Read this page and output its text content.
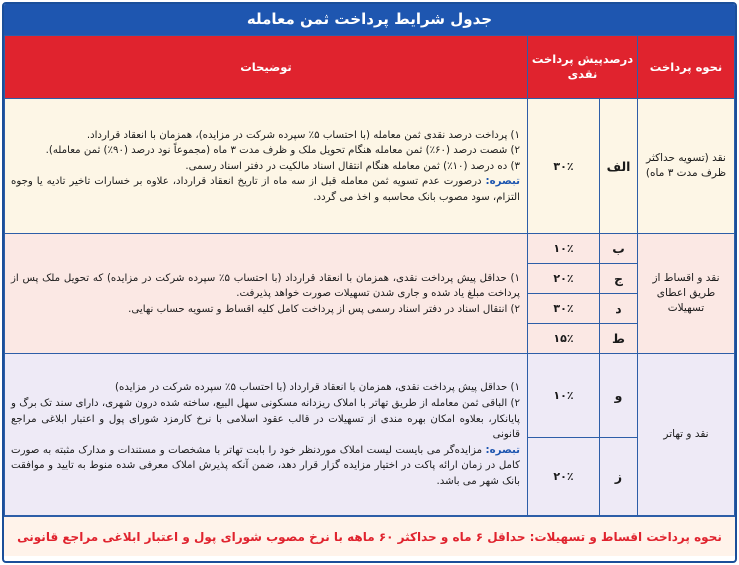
جدول شرایط پرداخت ثمن معامله
نحوه پرداخت	درصدپیش پرداخت نقدی		توضیحات
نقد (تسویه حداکثر ظرف مدت ۳ ماه)	الف	۳۰٪	۱) پرداخت درصد نقدی ثمن معامله (با احتساب ۵٪ سپرده شرکت در مزایده)، همزمان با انعقاد قرارداد.
۲) شصت درصد (۶۰٪) ثمن معامله هنگام تحویل ملک و ظرف مدت ۳ ماه (مجموعاً نود درصد (۹۰٪) ثمن معامله).
۳) ده درصد (۱۰٪) ثمن معامله هنگام انتقال اسناد مالکیت در دفتر اسناد رسمی.
تبصره: درصورت عدم تسویه ثمن معامله قبل از سه ماه از تاریخ انعقاد قرارداد، علاوه بر خسارات تاخیر تادیه یا وجوه التزام، سود مصوب بانک محاسبه و اخذ می گردد.

نقد و اقساط از طریق اعطای تسهیلات	ب	۱۰٪	۱) حداقل پیش پرداخت نقدی، همزمان با انعقاد قرارداد (با احتساب ۵٪ سپرده شرکت در مزایده) که تحویل ملک پس از پرداخت مبلغ یاد شده و جاری شدن تسهیلات صورت خواهد پذیرفت.
۲) انتقال اسناد در دفتر اسناد رسمی پس از پرداخت کامل کلیه اقساط و تسویه حساب نهایی.

	ج	۲۰٪	
	د	۳۰٪	
	ط	۱۵٪	
نقد و تهاتر	و	۱۰٪	۱) حداقل پیش پرداخت نقدی، همزمان با انعقاد قرارداد (با احتساب ۵٪ سپرده شرکت در مزایده)
۲) الباقی ثمن معامله از طریق تهاتر با املاک ریزدانه مسکونی سهل البیع، ساخته شده درون شهری، دارای سند تک برگ و پایانکار، بعلاوه امکان بهره مندی از تسهیلات در قالب عقود اسلامی با نرخ کارمزد شورای پول و اعتبار ابلاغی مراجع قانونی
تبصره: مزایده‌گر می بایست لیست املاک موردنظر خود را بابت تهاتر با مشخصات و مستندات و مدارک مثبته به صورت کامل در زمان ارائه پاکت در اختیار مزایده گزار قرار دهد، ضمن آنکه پذیرش املاک معرفی شده منوط به تایید و موافقت بانک شهر می باشد.

	ز	۲۰٪	
نحوه پرداخت اقساط و تسهیلات: حداقل ۶ ماه و حداکثر ۶۰ ماهه با نرخ مصوب شورای پول و اعتبار ابلاغی مراجع قانونی
